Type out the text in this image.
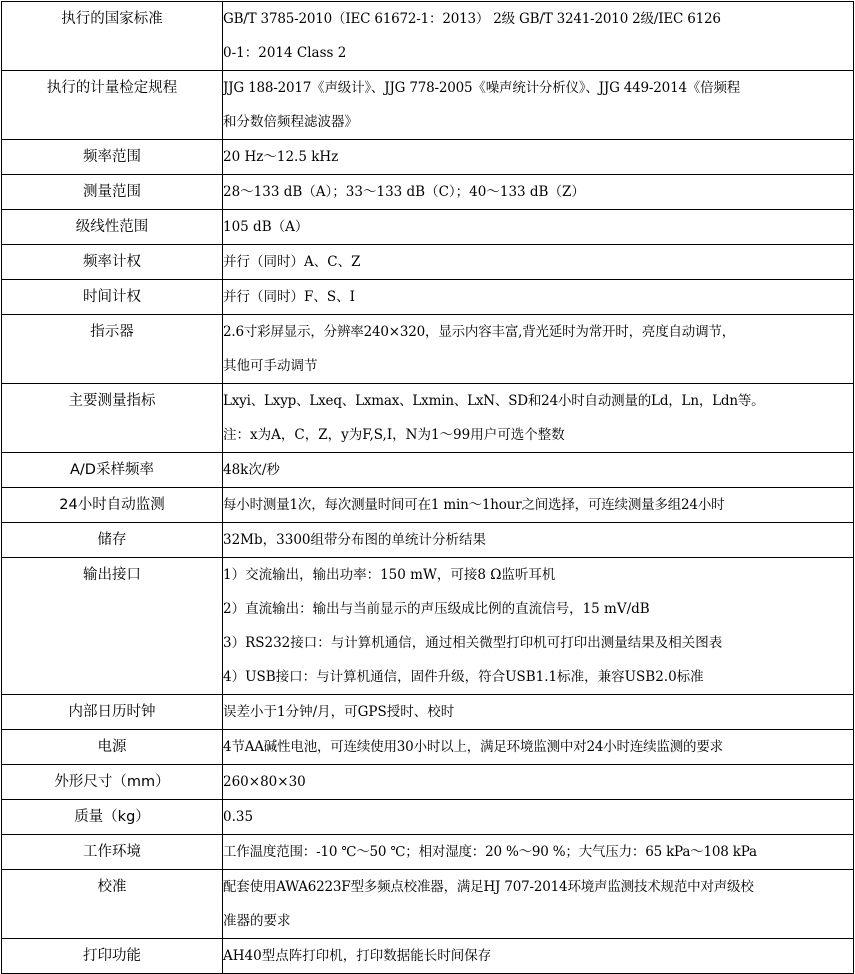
执行的国家标准	GB/T 3785-2010（IEC 61672-1：2013） 2级 GB/T 3241-2010 2级/IEC 6126
0-1：2014 Class 2

执行的计量检定规程	JJG 188-2017《声级计》、JJG 778-2005《噪声统计分析仪》、JJG 449-2014《倍频程
和分数倍频程滤波器》

频率范围	20 Hz～12.5 kHz

测量范围	28～133 dB（A）；33～133 dB（C）；40～133 dB（Z）

级线性范围	105 dB（A）

频率计权	并行（同时）A、C、Z

时间计权	并行（同时）F、S、I

指示器	2.6寸彩屏显示，分辨率240×320，显示内容丰富,背光延时为常开时，亮度自动调节，
其他可手动调节

主要测量指标	Lxyi、Lxyp、Lxeq、Lxmax、Lxmin、LxN、SD和24小时自动测量的Ld，Ln，Ldn等。
注：x为A，C，Z，y为F,S,I，N为1～99用户可选个整数

A/D采样频率	48k次/秒

24小时自动监测	每小时测量1次，每次测量时间可在1 min～1hour之间选择，可连续测量多组24小时

储存	32Mb，3300组带分布图的单统计分析结果

输出接口	1）交流输出，输出功率：150 mW，可接8 Ω监听耳机
2）直流输出：输出与当前显示的声压级成比例的直流信号，15 mV/dB
3）RS232接口：与计算机通信，通过相关微型打印机可打印出测量结果及相关图表
4）USB接口：与计算机通信，固件升级，符合USB1.1标准，兼容USB2.0标准

内部日历时钟	误差小于1分钟/月，可GPS授时、校时

电源	4节AA碱性电池，可连续使用30小时以上，满足环境监测中对24小时连续监测的要求

外形尺寸（mm）	260×80×30

质量（kg）	0.35

工作环境	工作温度范围：-10 ℃～50 ℃；相对湿度：20 %～90 %；大气压力：65 kPa～108 kPa

校准	配套使用AWA6223F型多频点校准器，满足HJ 707-2014环境声监测技术规范中对声级校
准器的要求

打印功能	AH40型点阵打印机，打印数据能长时间保存
